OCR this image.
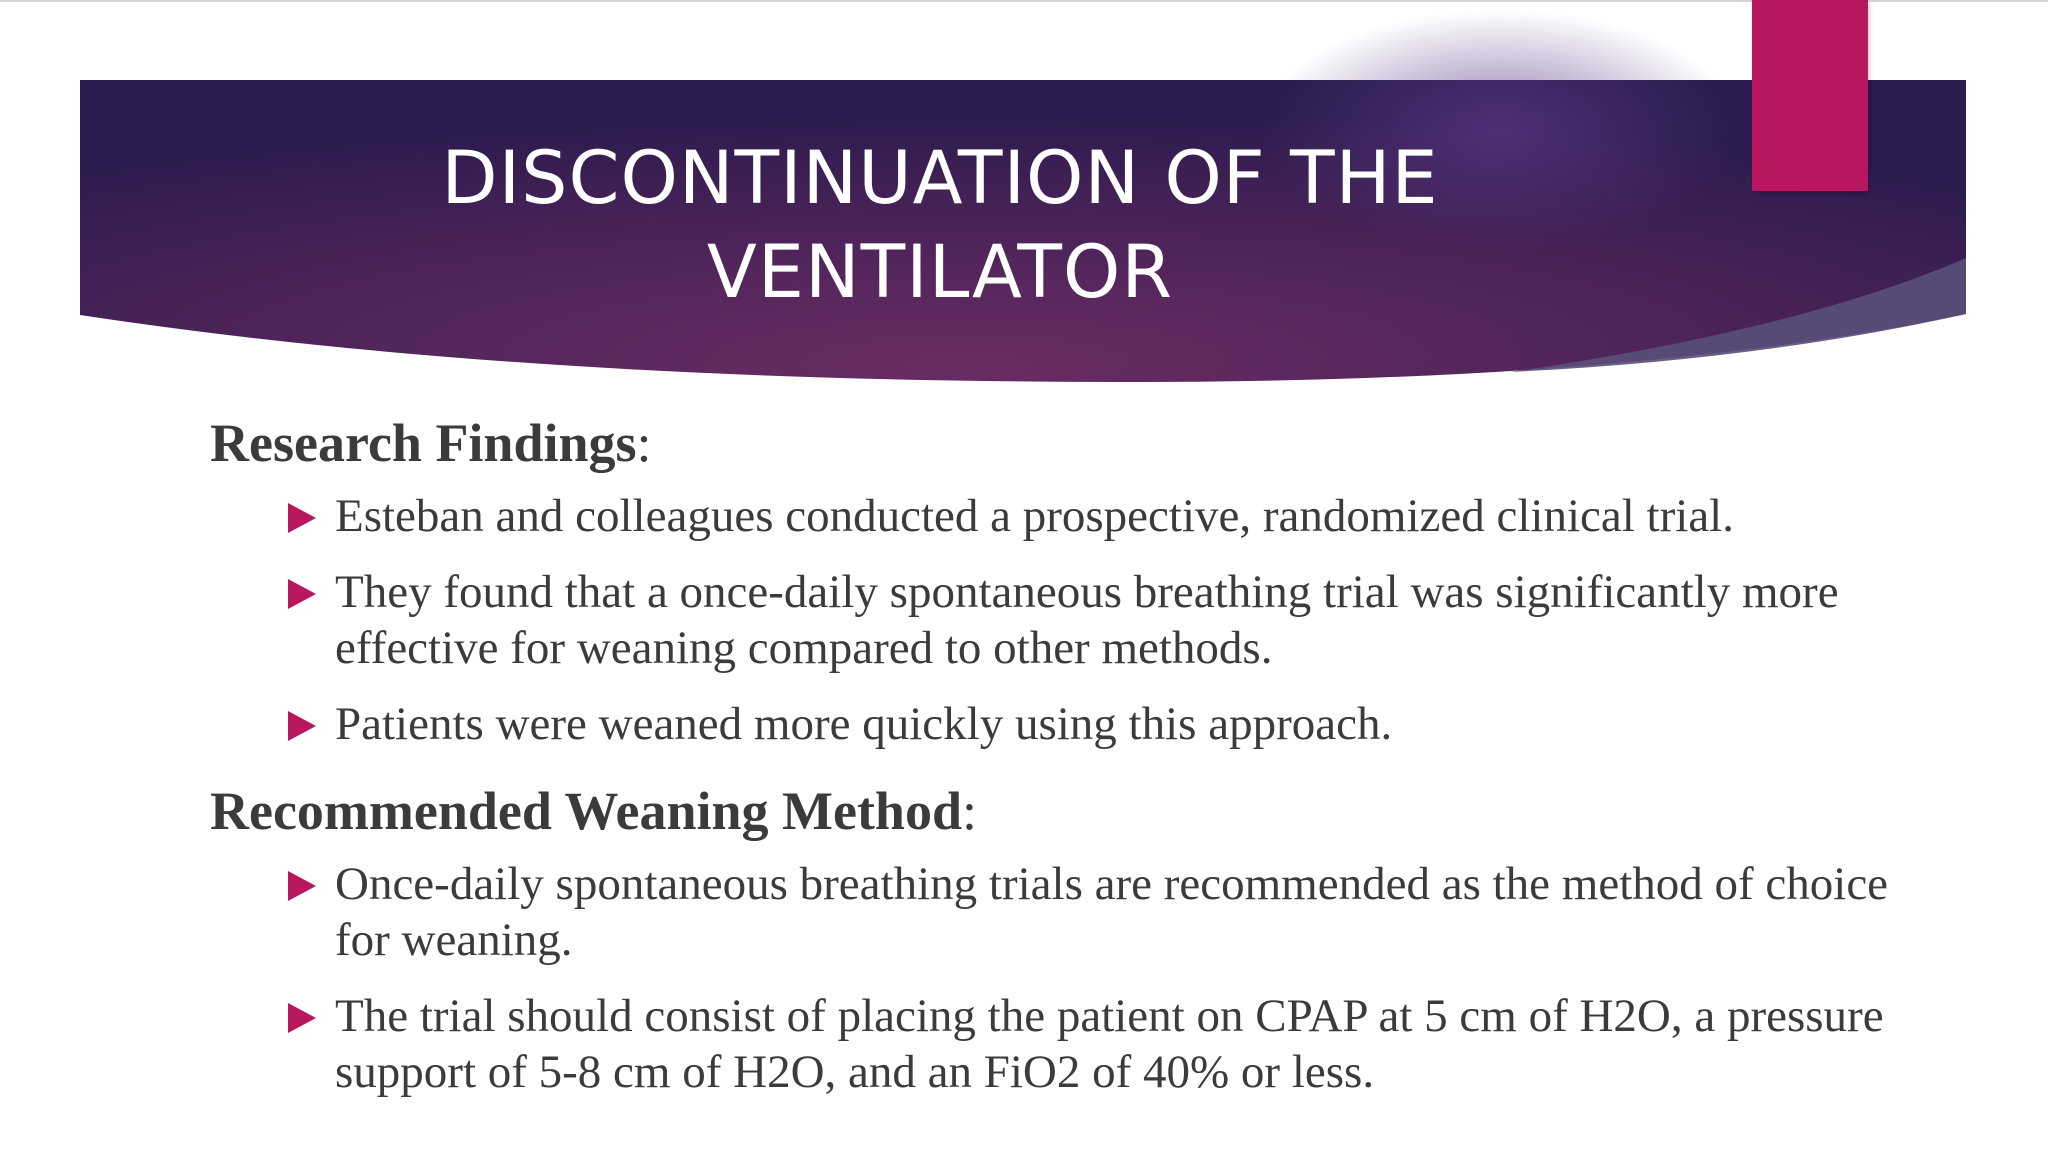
DISCONTINUATION OF THE
VENTILATOR
Research Findings:
Esteban and colleagues conducted a prospective, randomized clinical trial.
They found that a once-daily spontaneous breathing trial was significantly more effective for weaning compared to other methods.
Patients were weaned more quickly using this approach.
Recommended Weaning Method:
Once-daily spontaneous breathing trials are recommended as the method of choice for weaning.
The trial should consist of placing the patient on CPAP at 5 cm of H2O, a pressure support of 5-8 cm of H2O, and an FiO2 of 40% or less.
